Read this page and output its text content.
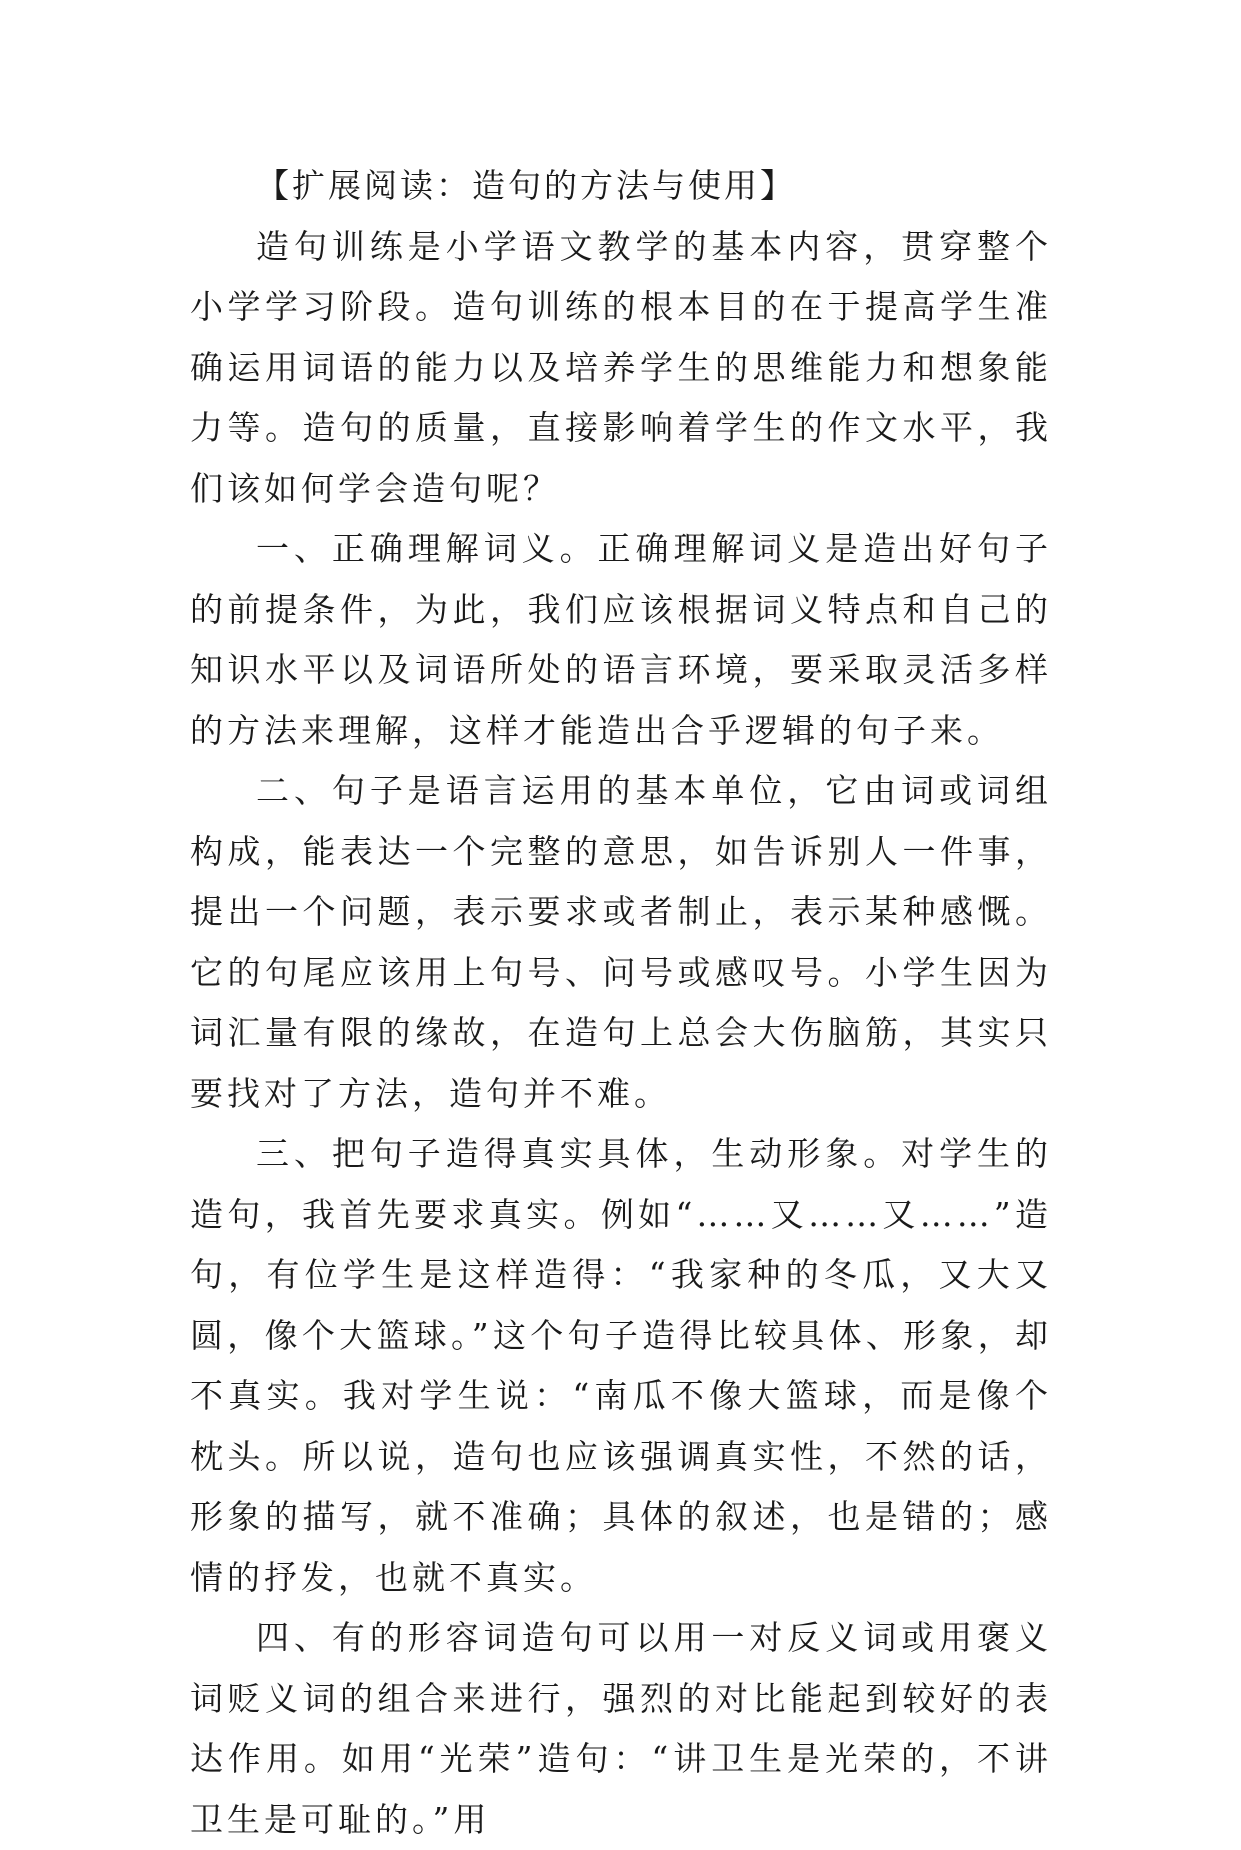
【扩展阅读：造句的方法与使用】

造句训练是小学语文教学的基本内容，贯穿整个小学学习阶段。造句训练的根本目的在于提高学生准确运用词语的能力以及培养学生的思维能力和想象能力等。造句的质量，直接影响着学生的作文水平，我们该如何学会造句呢？

一、正确理解词义。正确理解词义是造出好句子的前提条件，为此，我们应该根据词义特点和自己的知识水平以及词语所处的语言环境，要采取灵活多样的方法来理解，这样才能造出合乎逻辑的句子来。

二、句子是语言运用的基本单位，它由词或词组构成，能表达一个完整的意思，如告诉别人一件事，提出一个问题，表示要求或者制止，表示某种感慨。它的句尾应该用上句号、问号或感叹号。小学生因为词汇量有限的缘故，在造句上总会大伤脑筋，其实只要找对了方法，造句并不难。

三、把句子造得真实具体，生动形象。对学生的造句，我首先要求真实。例如“……又……又……”造句，有位学生是这样造得：“我家种的冬瓜，又大又圆，像个大篮球。”这个句子造得比较具体、形象，却不真实。我对学生说：“南瓜不像大篮球，而是像个枕头。所以说，造句也应该强调真实性，不然的话，形象的描写，就不准确；具体的叙述，也是错的；感情的抒发，也就不真实。

四、有的形容词造句可以用一对反义词或用褒义词贬义词的组合来进行，强烈的对比能起到较好的表达作用。如用“光荣”造句：“讲卫生是光荣的，不讲卫生是可耻的。”用
